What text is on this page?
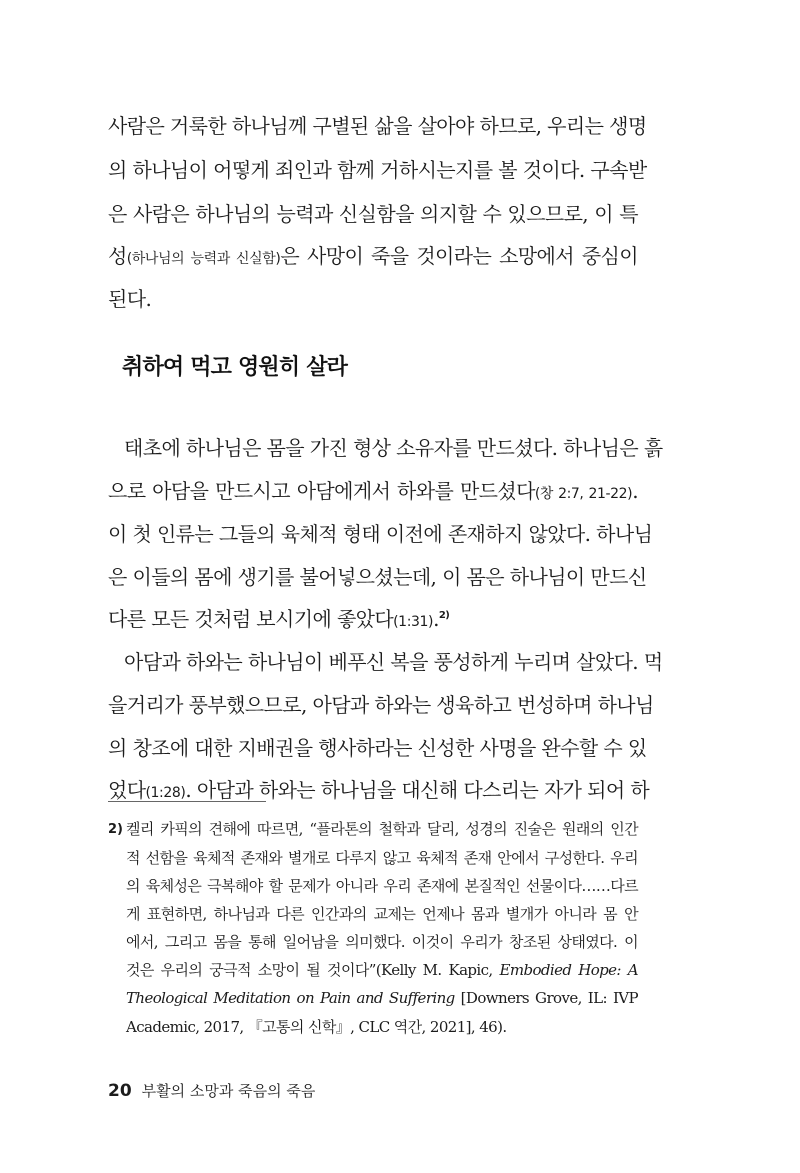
사람은 거룩한 하나님께 구별된 삶을 살아야 하므로, 우리는 생명
의 하나님이 어떻게 죄인과 함께 거하시는지를 볼 것이다. 구속받
은 사람은 하나님의 능력과 신실함을 의지할 수 있으므로, 이 특
성(하나님의 능력과 신실함)은 사망이 죽을 것이라는 소망에서 중심이
된다.
취하여 먹고 영원히 살라
태초에 하나님은 몸을 가진 형상 소유자를 만드셨다. 하나님은 흙
으로 아담을 만드시고 아담에게서 하와를 만드셨다(창 2:7, 21-22).
이 첫 인류는 그들의 육체적 형태 이전에 존재하지 않았다. 하나님
은 이들의 몸에 생기를 불어넣으셨는데, 이 몸은 하나님이 만드신
다른 모든 것처럼 보시기에 좋았다(1:31).$^{2)}$
아담과 하와는 하나님이 베푸신 복을 풍성하게 누리며 살았다. 먹
을거리가 풍부했으므로, 아담과 하와는 생육하고 번성하며 하나님
의 창조에 대한 지배권을 행사하라는 신성한 사명을 완수할 수 있
었다(1:28). 아담과 하와는 하나님을 대신해 다스리는 자가 되어 하
2) 켈리 카픽의 견해에 따르면, “플라톤의 철학과 달리, 성경의 진술은 원래의 인간
적 선함을 육체적 존재와 별개로 다루지 않고 육체적 존재 안에서 구성한다. 우리
의 육체성은 극복해야 할 문제가 아니라 우리 존재에 본질적인 선물이다……다르
게 표현하면, 하나님과 다른 인간과의 교제는 언제나 몸과 별개가 아니라 몸 안
에서, 그리고 몸을 통해 일어남을 의미했다. 이것이 우리가 창조된 상태였다. 이
것은 우리의 궁극적 소망이 될 것이다”(Kelly M. Kapic, Embodied Hope: A
Theological Meditation on Pain and Suffering [Downers Grove, IL: IVP
Academic, 2017, 『고통의 신학』, CLC 역간, 2021], 46).
20 부활의 소망과 죽음의 죽음
